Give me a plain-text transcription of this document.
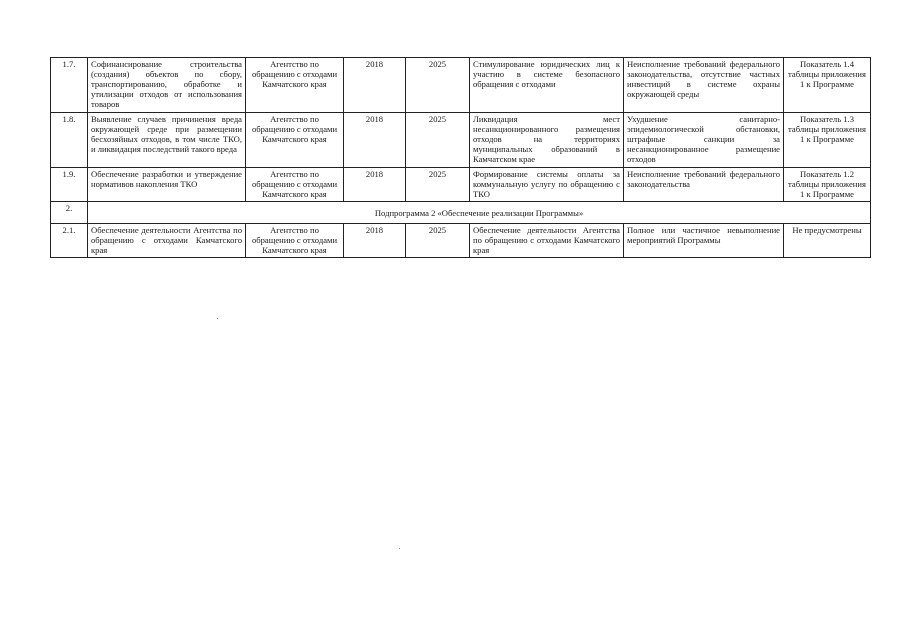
1.7.	Софинансирование строительства (создания) объектов по сбору, транспортированию, обработке и утилизации отходов от использования товаров	Агентство по обращению с отходами Камчатского края	2018	2025	Стимулирование юридических лиц к участию в системе безопасного обращения с отходами	Неисполнение требований федерального законодательства, отсутствие частных инвестиций в системе охраны окружающей среды	Показатель 1.4 таблицы приложения 1 к Программе
1.8.	Выявление случаев причинения вреда окружающей среде при размещении бесхозяйных отходов, в том числе ТКО, и ликвидация последствий такого вреда	Агентство по обращению с отходами Камчатского края	2018	2025	Ликвидация мест несанкционированного размещения отходов на территориях муниципальных образований в Камчатском крае	Ухудшение санитарно-эпидемиологической обстановки, штрафные санкции за несанкционированное размещение отходов	Показатель 1.3 таблицы приложения 1 к Программе
1.9.	Обеспечение разработки и утверждение нормативов накопления ТКО	Агентство по обращению с отходами Камчатского края	2018	2025	Формирование системы оплаты за коммунальную услугу по обращению с ТКО	Неисполнение требований федерального законодательства	Показатель 1.2 таблицы приложения 1 к Программе
2.	Подпрограмма 2 «Обеспечение реализации Программы»						
2.1.	Обеспечение деятельности Агентства по обращению с отходами Камчатского края	Агентство по обращению с отходами Камчатского края	2018	2025	Обеспечение деятельности Агентства по обращению с отходами Камчатского края	Полное или частичное невыполнение мероприятий Программы	Не предусмотрены
